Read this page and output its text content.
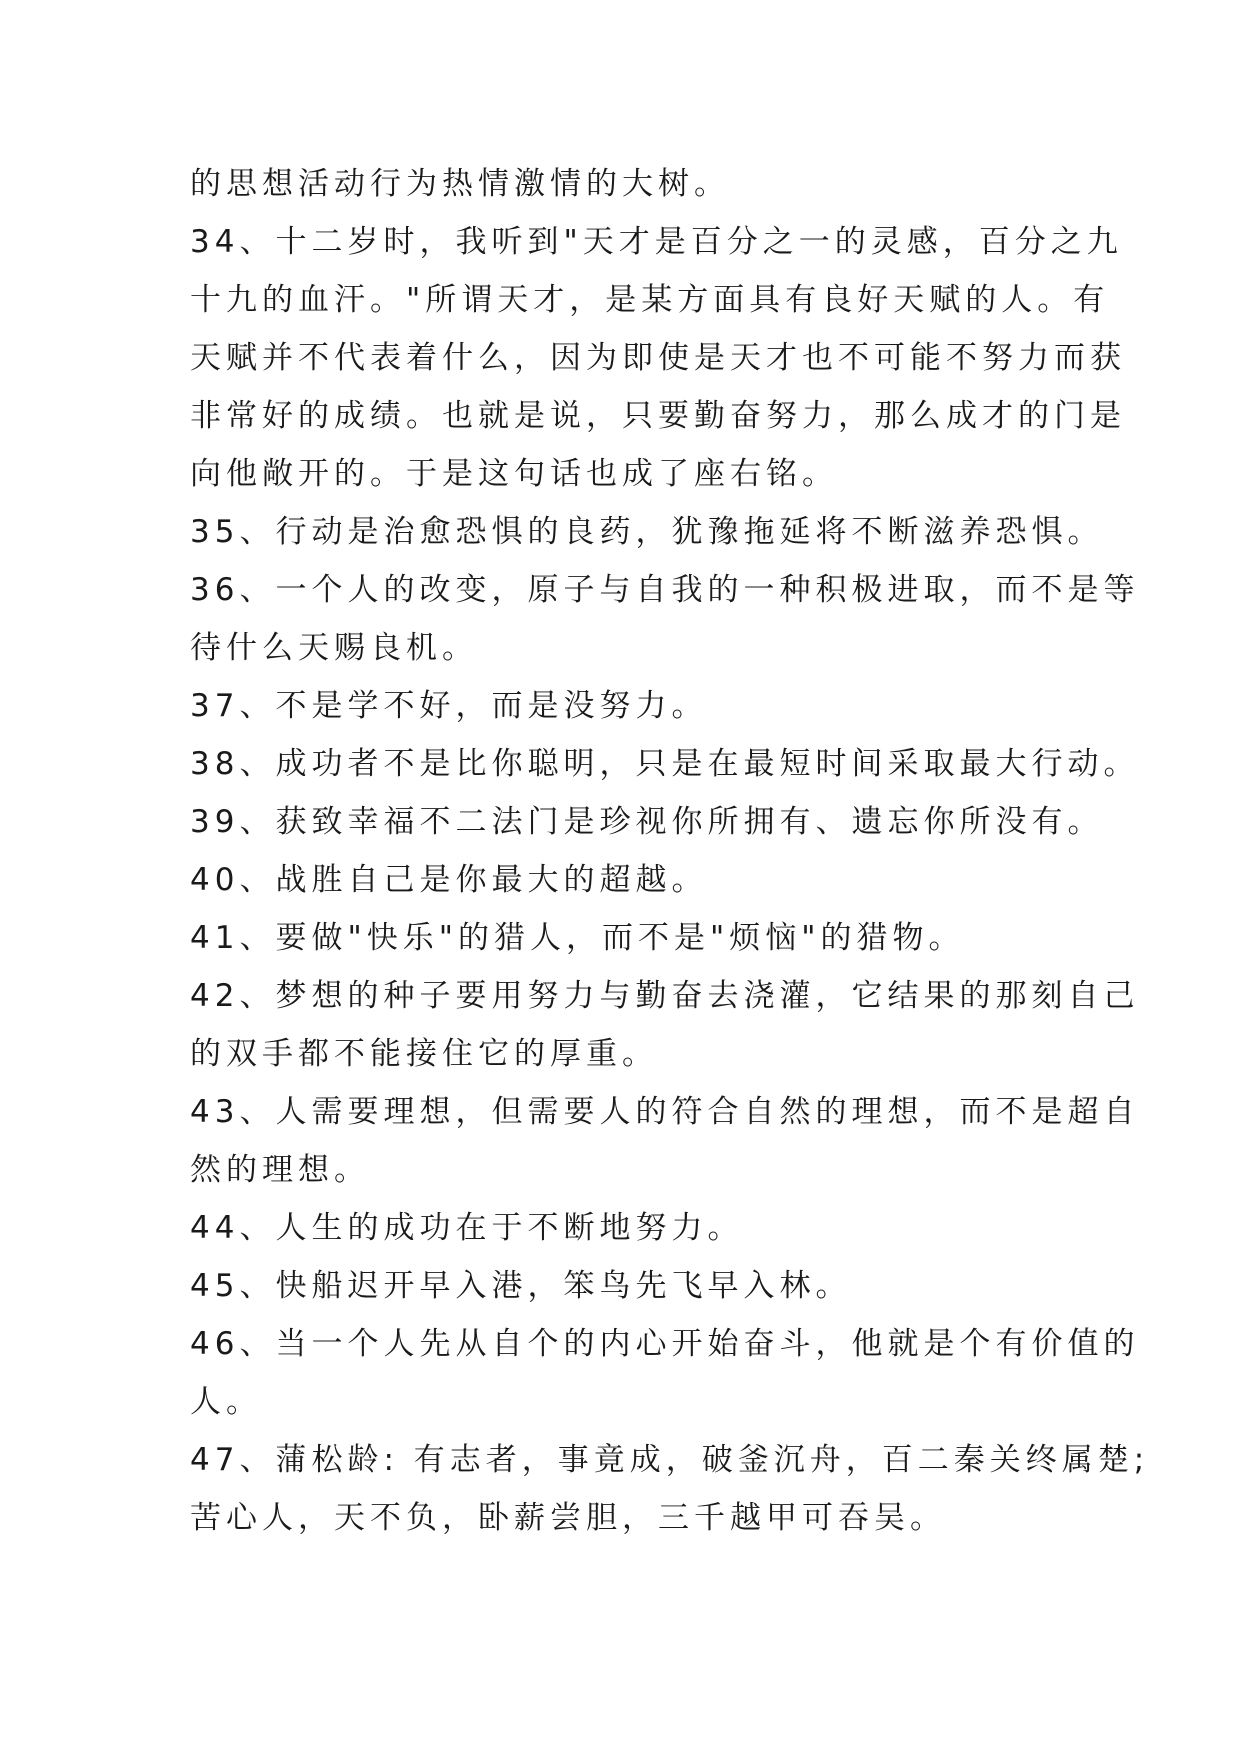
的思想活动行为热情激情的大树。
34、十二岁时，我听到"天才是百分之一的灵感，百分之九
十九的血汗。"所谓天才，是某方面具有良好天赋的人。有
天赋并不代表着什么，因为即使是天才也不可能不努力而获
非常好的成绩。也就是说，只要勤奋努力，那么成才的门是
向他敞开的。于是这句话也成了座右铭。
35、行动是治愈恐惧的良药，犹豫拖延将不断滋养恐惧。
36、一个人的改变，原子与自我的一种积极进取，而不是等
待什么天赐良机。
37、不是学不好，而是没努力。
38、成功者不是比你聪明，只是在最短时间采取最大行动。
39、获致幸福不二法门是珍视你所拥有、遗忘你所没有。
40、战胜自己是你最大的超越。
41、要做"快乐"的猎人，而不是"烦恼"的猎物。
42、梦想的种子要用努力与勤奋去浇灌，它结果的那刻自己
的双手都不能接住它的厚重。
43、人需要理想，但需要人的符合自然的理想，而不是超自
然的理想。
44、人生的成功在于不断地努力。
45、快船迟开早入港，笨鸟先飞早入林。
46、当一个人先从自个的内心开始奋斗，他就是个有价值的
人。
47、蒲松龄: 有志者，事竟成，破釜沉舟，百二秦关终属楚;
苦心人，天不负，卧薪尝胆，三千越甲可吞吴。
